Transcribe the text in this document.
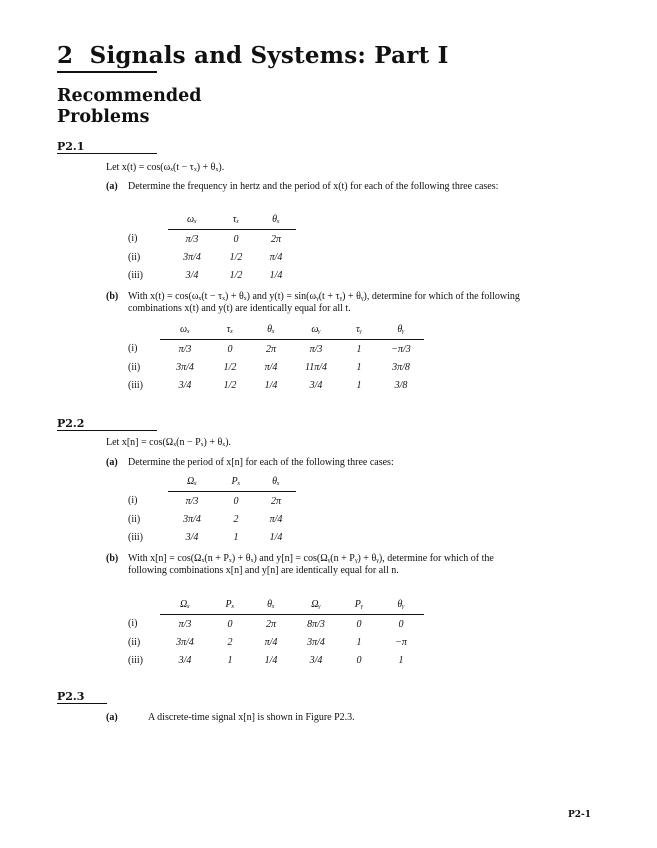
2 Signals and Systems: Part I
Recommended
Problems
P2.1
Let x(t) = cos(ωₓ(t − τₓ) + θₓ).
(a) Determine the frequency in hertz and the period of x(t) for each of the following three cases:
	ωₓ	τₓ	θₓ
(i)	π/3	0	2π
(ii)	3π/4	1/2	π/4
(iii)	3/4	1/2	1/4
(b) With x(t) = cos(ωₓ(t − τₓ) + θₓ) and y(t) = sin(ωᵧ(t + τᵧ) + θᵧ), determine for which of the following combinations x(t) and y(t) are identically equal for all t.
	ωₓ	τₓ	θₓ	ωᵧ	τᵧ	θᵧ
(i)	π/3	0	2π	π/3	1	−π/3
(ii)	3π/4	1/2	π/4	11π/4	1	3π/8
(iii)	3/4	1/2	1/4	3/4	1	3/8
P2.2
Let x[n] = cos(Ωₓ(n − Pₓ) + θₓ).
(a) Determine the period of x[n] for each of the following three cases:
	Ωₓ	Pₓ	θₓ
(i)	π/3	0	2π
(ii)	3π/4	2	π/4
(iii)	3/4	1	1/4
(b) With x[n] = cos(Ωₓ(n + Pₓ) + θₓ) and y[n] = cos(Ωᵧ(n + Pᵧ) + θᵧ), determine for which of the following combinations x[n] and y[n] are identically equal for all n.
	Ωₓ	Pₓ	θₓ	Ωᵧ	Pᵧ	θᵧ
(i)	π/3	0	2π	8π/3	0	0
(ii)	3π/4	2	π/4	3π/4	1	−π
(iii)	3/4	1	1/4	3/4	0	1
P2.3
(a)	A discrete-time signal x[n] is shown in Figure P2.3.
P2-1
